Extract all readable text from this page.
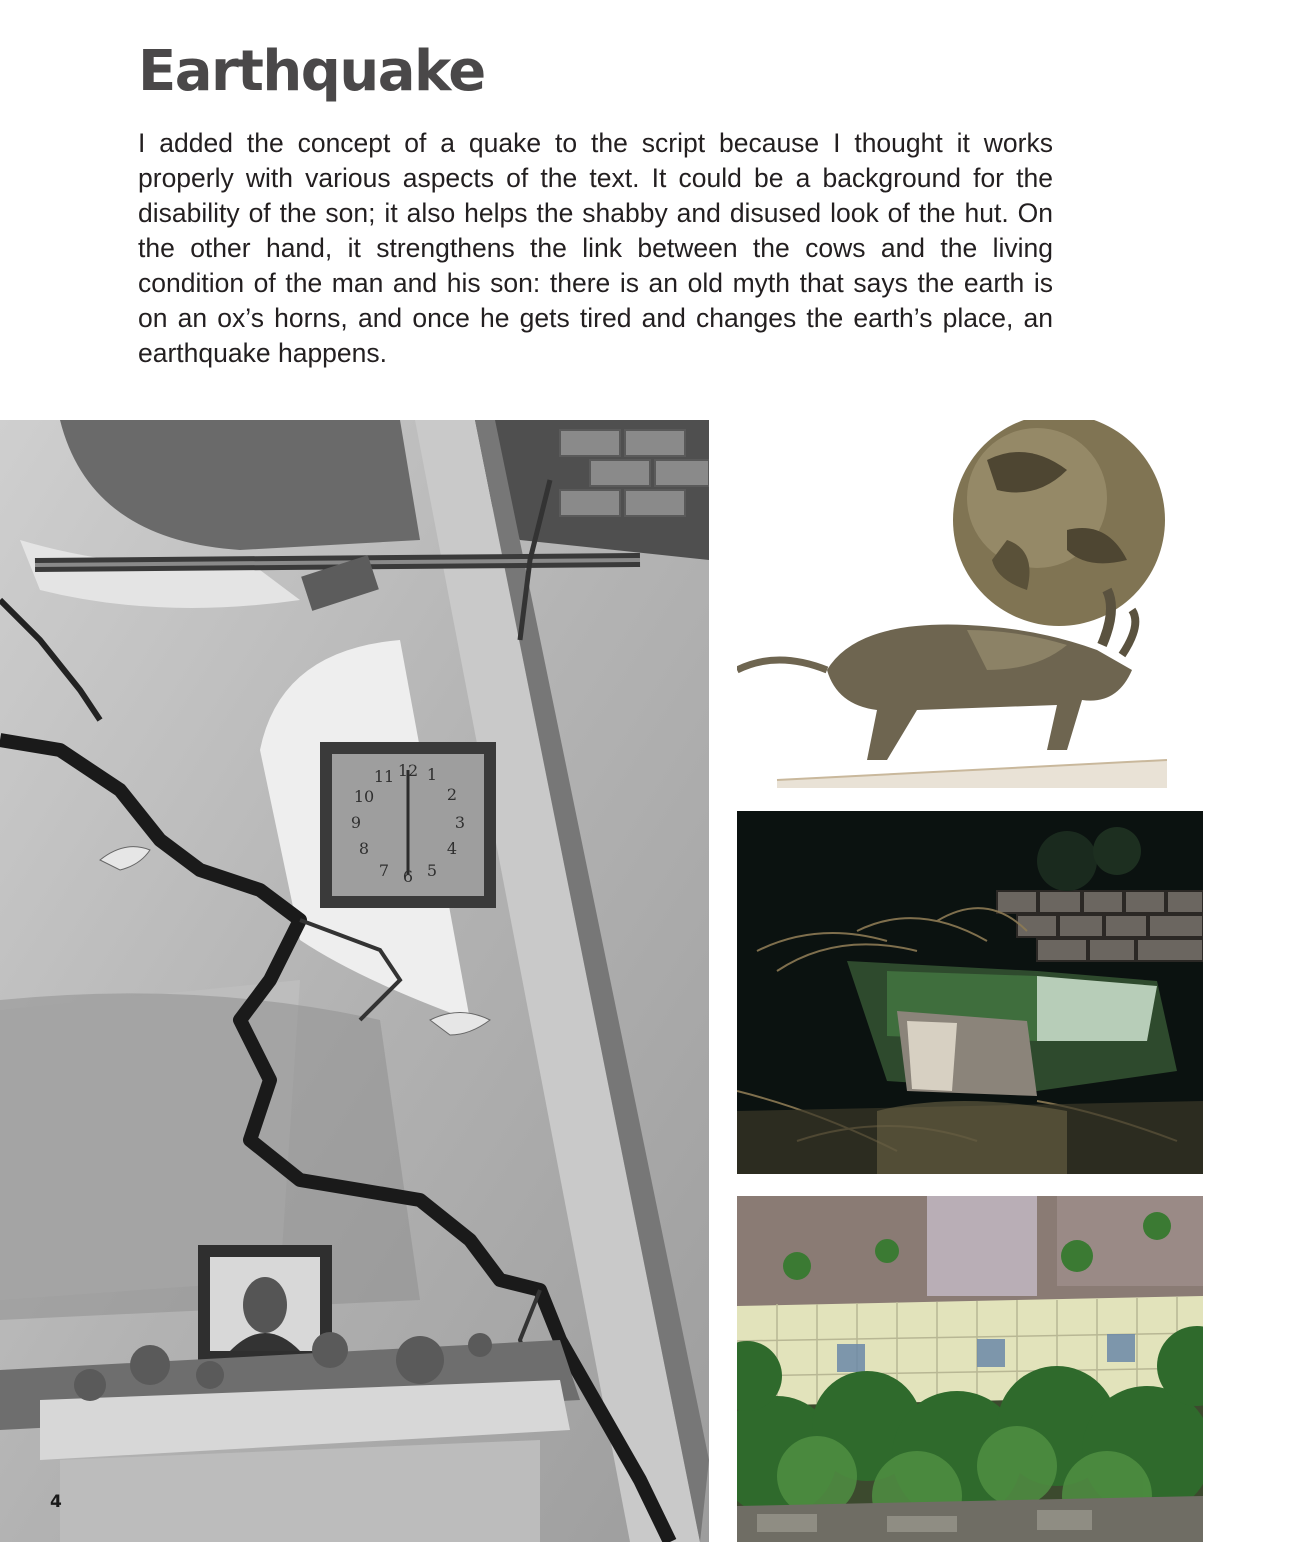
Earthquake

I added the concept of a quake to the script because I thought it works properly with various aspects of the text. It could be a background for the disability of the son; it also helps the shabby and disused look of the hut. On the other hand, it strengthens the link between the cows and the living condition of the man and his son: there is an old myth that says the earth is on an ox’s horns, and once he gets tired and changes the earth’s place, an earthquake happens.

12 1
2
3
4
5
6
7
8
9
10
11
4
